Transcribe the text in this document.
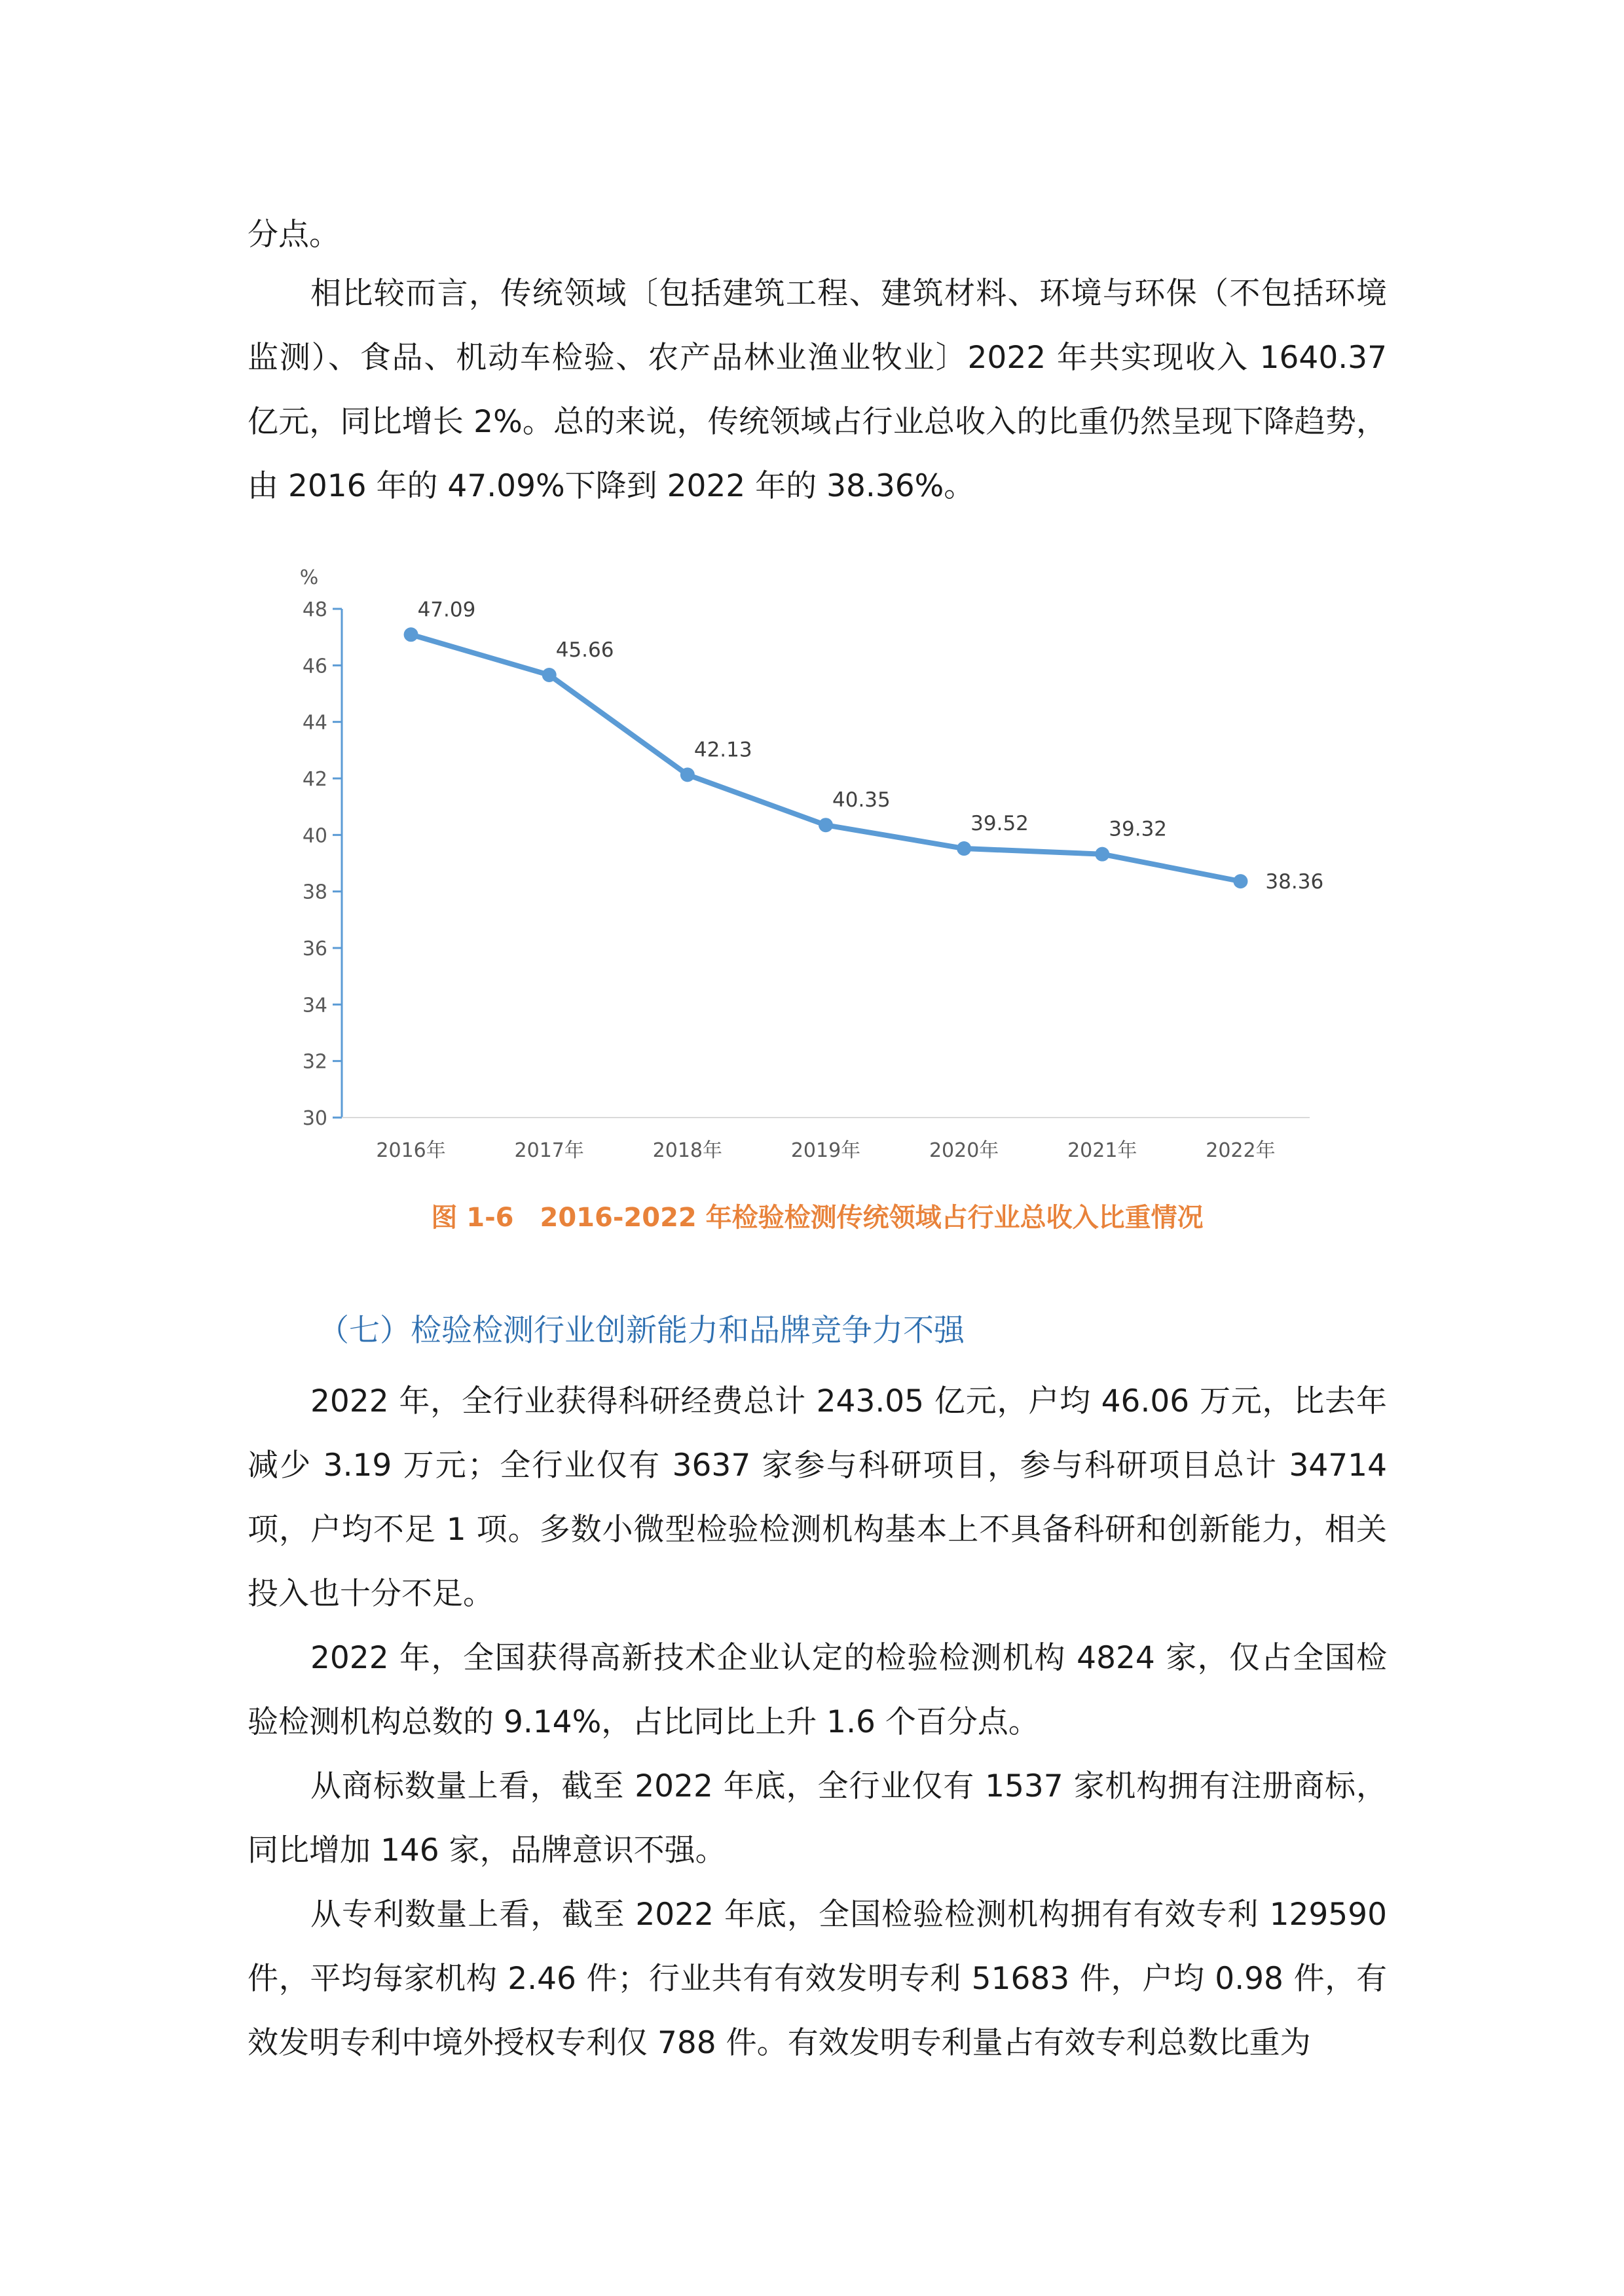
分点。

相比较而言，传统领域〔包括建筑工程、建筑材料、环境与环保（不包括环境监测）、食品、机动车检验、农产品林业渔业牧业〕2022 年共实现收入 1640.37 亿元，同比增长 2%。总的来说，传统领域占行业总收入的比重仍然呈现下降趋势，由 2016 年的 47.09%下降到 2022 年的 38.36%。

30
32
34
36
38
40
42
44
46
48
%
2016年	2017年	2018年	2019年	2020年	2021年	2022年
47.09
45.66
42.13
40.35
39.52	39.32
38.36
图 1-6　2016-2022 年检验检测传统领域占行业总收入比重情况
（七）检验检测行业创新能力和品牌竞争力不强

2022 年，全行业获得科研经费总计 243.05 亿元，户均 46.06 万元，比去年减少 3.19 万元；全行业仅有 3637 家参与科研项目，参与科研项目总计 34714 项，户均不足 1 项。多数小微型检验检测机构基本上不具备科研和创新能力，相关投入也十分不足。

2022 年，全国获得高新技术企业认定的检验检测机构 4824 家，仅占全国检验检测机构总数的 9.14%，占比同比上升 1.6 个百分点。

从商标数量上看，截至 2022 年底，全行业仅有 1537 家机构拥有注册商标，同比增加 146 家，品牌意识不强。

从专利数量上看，截至 2022 年底，全国检验检测机构拥有有效专利 129590 件，平均每家机构 2.46 件；行业共有有效发明专利 51683 件，户均 0.98 件，有效发明专利中境外授权专利仅 788 件。有效发明专利量占有效专利总数比重为
